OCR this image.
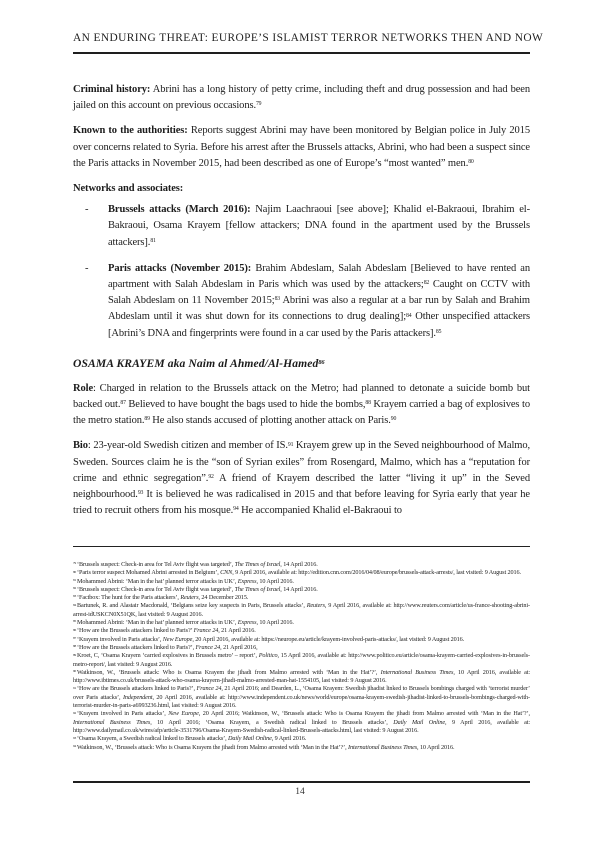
AN ENDURING THREAT: EUROPE’S ISLAMIST TERROR NETWORKS THEN AND NOW

Criminal history: Abrini has a long history of petty crime, including theft and drug possession and had been jailed on this account on previous occasions.$^{79}$

Known to the authorities: Reports suggest Abrini may have been monitored by Belgian police in July 2015 over concerns related to Syria. Before his arrest after the Brussels attacks, Abrini, who had been a suspect since the Paris attacks in November 2015, had been described as one of Europe’s “most wanted” men.$^{80}$

Networks and associates:

- Brussels attacks (March 2016): Najim Laachraoui [see above]; Khalid el-Bakraoui, Ibrahim el-Bakraoui, Osama Krayem [fellow attackers; DNA found in the apartment used by the Brussels attackers].$^{81}$
- Paris attacks (November 2015): Brahim Abdeslam, Salah Abdeslam [Believed to have rented an apartment with Salah Abdeslam in Paris which was used by the attackers;$^{82}$ Caught on CCTV with Salah Abdeslam on 11 November 2015;$^{83}$ Abrini was also a regular at a bar run by Salah and Brahim Abdeslam until it was shut down for its connections to drug dealing];$^{84}$ Other unspecified attackers [Abrini’s DNA and fingerprints were found in a car used by the Paris attackers].$^{85}$
OSAMA KRAYEM aka Naim al Ahmed/Al-Hamed$^{86}$

Role: Charged in relation to the Brussels attack on the Metro; had planned to detonate a suicide bomb but backed out.$^{87}$ Believed to have bought the bags used to hide the bombs,$^{88}$ Krayem carried a bag of explosives to the metro station.$^{89}$ He also stands accused of plotting another attack on Paris.$^{90}$

Bio: 23-year-old Swedish citizen and member of IS.$^{91}$ Krayem grew up in the Seved neighbourhood of Malmo, Sweden. Sources claim he is the “son of Syrian exiles” from Rosengard, Malmo, which has a “reputation for crime and ethnic segregation”.$^{92}$ A friend of Krayem described the latter “living it up” in the Seved neighbourhood.$^{93}$ It is believed he was radicalised in 2015 and that before leaving for Syria early that year he tried to recruit others from his mosque.$^{94}$ He accompanied Khalid el-Bakraoui to

$^{79}$‘Brussels suspect: Check-in area for Tel Aviv flight was targeted’, The Times of Israel, 14 April 2016.
$^{80}$‘Paris terror suspect Mohamed Abrini arrested in Belgium’, CNN, 9 April 2016, available at: http://edition.cnn.com/2016/04/08/europe/brussels-attack-arrests/, last visited: 9 August 2016.
$^{81}$Mohammed Abrini: ‘Man in the hat’ planned terror attacks in UK’, Express, 10 April 2016.
$^{82}$‘Brussels suspect: Check-in area for Tel Aviv flight was targeted’, The Times of Israel, 14 April 2016.
$^{83}$‘Factbox: The hunt for the Paris attackers’, Reuters, 24 December 2015.
$^{84}$Bartunek, R. and Alastair Macdonald, ‘Belgians seize key suspects in Paris, Brussels attacks’, Reuters, 9 April 2016, available at: http://www.reuters.com/article/us-france-shooting-abrini-arrest-idUSKCN0X51QK, last visited: 9 August 2016.
$^{85}$Mohammed Abrini: ‘Man in the hat’ planned terror attacks in UK’, Express, 10 April 2016.
$^{86}$‘How are the Brussels attackers linked to Paris?’ France 24, 21 April 2016.
$^{87}$‘Krayem involved in Paris attacks’, New Europe, 20 April 2016, available at: https://neurope.eu/article/krayem-involved-paris-attacks/, last visited: 9 August 2016.
$^{88}$‘How are the Brussels attackers linked to Paris?’, France 24, 21 April 2016,
$^{89}$Kroet, C, ‘Osama Krayem ‘carried explosives in Brussels metro’ – report’, Politico, 15 April 2016, available at: http://www.politico.eu/article/osama-krayem-carried-explosives-in-brussels-metro-report/, last visited: 9 August 2016.
$^{90}$Watkinson, W., ‘Brussels attack: Who is Osama Krayem the jihadi from Malmo arrested with ‘Man in the Hat’?’, International Business Times, 10 April 2016, available at: http://www.ibtimes.co.uk/brussels-attack-who-osama-krayem-jihadi-malmo-arrested-man-hat-1554105, last visited: 9 August 2016.
$^{91}$‘How are the Brussels attackers linked to Paris?’, France 24, 21 April 2016; and Dearden, L., ‘Osama Krayem: Swedish jihadist linked to Brussels bombings charged with ‘terrorist murder’ over Paris attacks’, Independent, 20 April 2016, available at: http://www.independent.co.uk/news/world/europe/osama-krayem-swedish-jihadist-linked-to-brussels-bombings-charged-with-terrorist-murder-in-paris-a6993236.html, last visited: 9 August 2016.
$^{92}$‘Krayem involved in Paris attacks’, New Europe, 20 April 2016; Watkinson, W., ‘Brussels attack: Who is Osama Krayem the jihadi from Malmo arrested with ‘Man in the Hat’?’, International Business Times, 10 April 2016; ‘Osama Krayem, a Swedish radical linked to Brussels attacks’, Daily Mail Online, 9 April 2016, available at: http://www.dailymail.co.uk/wires/afp/article-3531796/Osama-Krayem-Swedish-radical-linked-Brussels-attacks.html, last visited: 9 August 2016.
$^{93}$‘Osama Krayem, a Swedish radical linked to Brussels attacks’, Daily Mail Online, 9 April 2016.
$^{94}$Watkinson, W., ‘Brussels attack: Who is Osama Krayem the jihadi from Malmo arrested with ‘Man in the Hat’?’, International Business Times, 10 April 2016.
14
